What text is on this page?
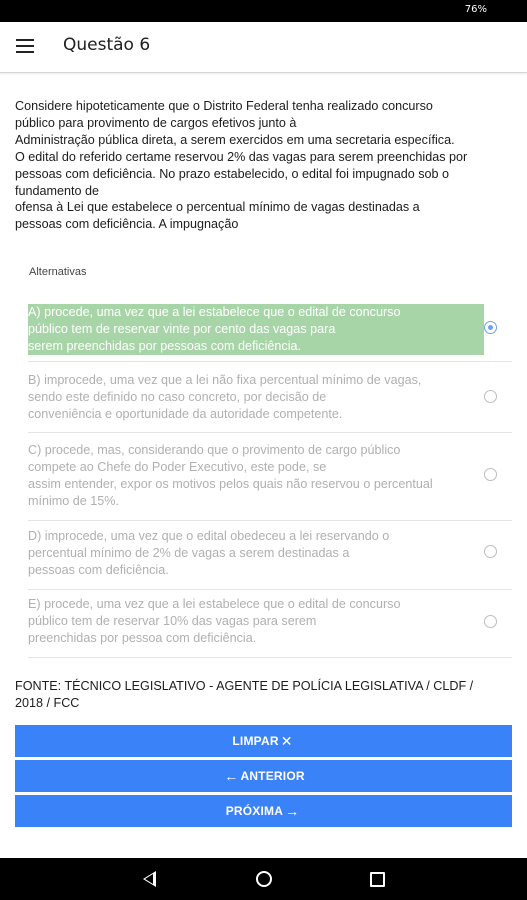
76%
Questão 6

Considere hipoteticamente que o Distrito Federal tenha realizado concurso

público para provimento de cargos efetivos junto à

Administração pública direta, a serem exercidos em uma secretaria específica.

O edital do referido certame reservou 2% das vagas para serem preenchidas por

pessoas com deficiência. No prazo estabelecido, o edital foi impugnado sob o

fundamento de

ofensa à Lei que estabelece o percentual mínimo de vagas destinadas a

pessoas com deficiência. A impugnação

Alternativas
A) procede, uma vez que a lei estabelece que o edital de concurso
público tem de reservar vinte por cento das vagas para
serem preenchidas por pessoas com deficiência.
B) improcede, uma vez que a lei não fixa percentual mínimo de vagas,
sendo este definido no caso concreto, por decisão de
conveniência e oportunidade da autoridade competente.
C) procede, mas, considerando que o provimento de cargo público
compete ao Chefe do Poder Executivo, este pode, se
assim entender, expor os motivos pelos quais não reservou o percentual
mínimo de 15%.
D) improcede, uma vez que o edital obedeceu a lei reservando o
percentual mínimo de 2% de vagas a serem destinadas a
pessoas com deficiência.
E) procede, uma vez que a lei estabelece que o edital de concurso
público tem de reservar 10% das vagas para serem
preenchidas por pessoa com deficiência.
FONTE: TÉCNICO LEGISLATIVO - AGENTE DE POLÍCIA LEGISLATIVA / CLDF /
2018 / FCC
LIMPAR ✕
← ANTERIOR
PRÓXIMA →
